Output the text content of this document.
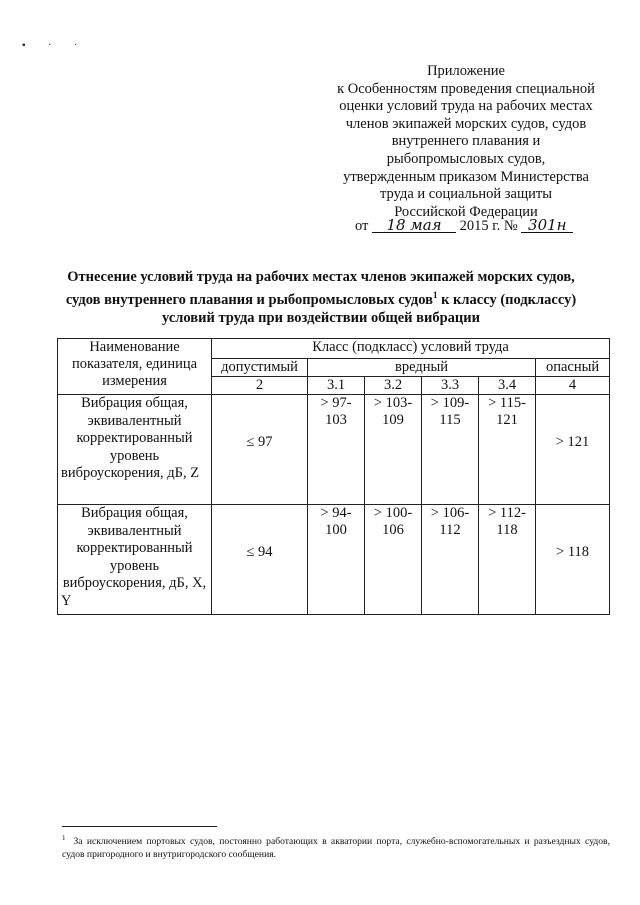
▪ · ·
Приложение
к Особенностям проведения специальной
оценки условий труда на рабочих местах
членов экипажей морских судов, судов
внутреннего плавания и
рыбопромысловых судов,
утвержденным приказом Министерства
труда и социальной защиты
Российской Федерации
от 18 мая 2015 г. № 301н
Отнесение условий труда на рабочих местах членов экипажей морских судов,
судов внутреннего плавания и рыбопромысловых судов$^1$ к классу (подклассу)
условий труда при воздействии общей вибрации
Наименование показателя, единица измерения	Класс (подкласс) условий труда					
	допустимый	вредный				опасный
	2	3.1	3.2	3.3	3.4	4
Вибрация общая, эквивалентный корректированный уровень виброускорения, дБ, Z	≤ 97	> 97-103	> 103-109	> 109-115	> 115-121	> 121
Вибрация общая, эквивалентный корректированный уровень виброускорения, дБ, X, Y	≤ 94	> 94-100	> 100-106	> 106-112	> 112-118	> 118
$^1$ За исключением портовых судов, постоянно работающих в акватории порта, служебно-вспомогательных и разъездных судов, судов пригородного и внутригородского сообщения.
